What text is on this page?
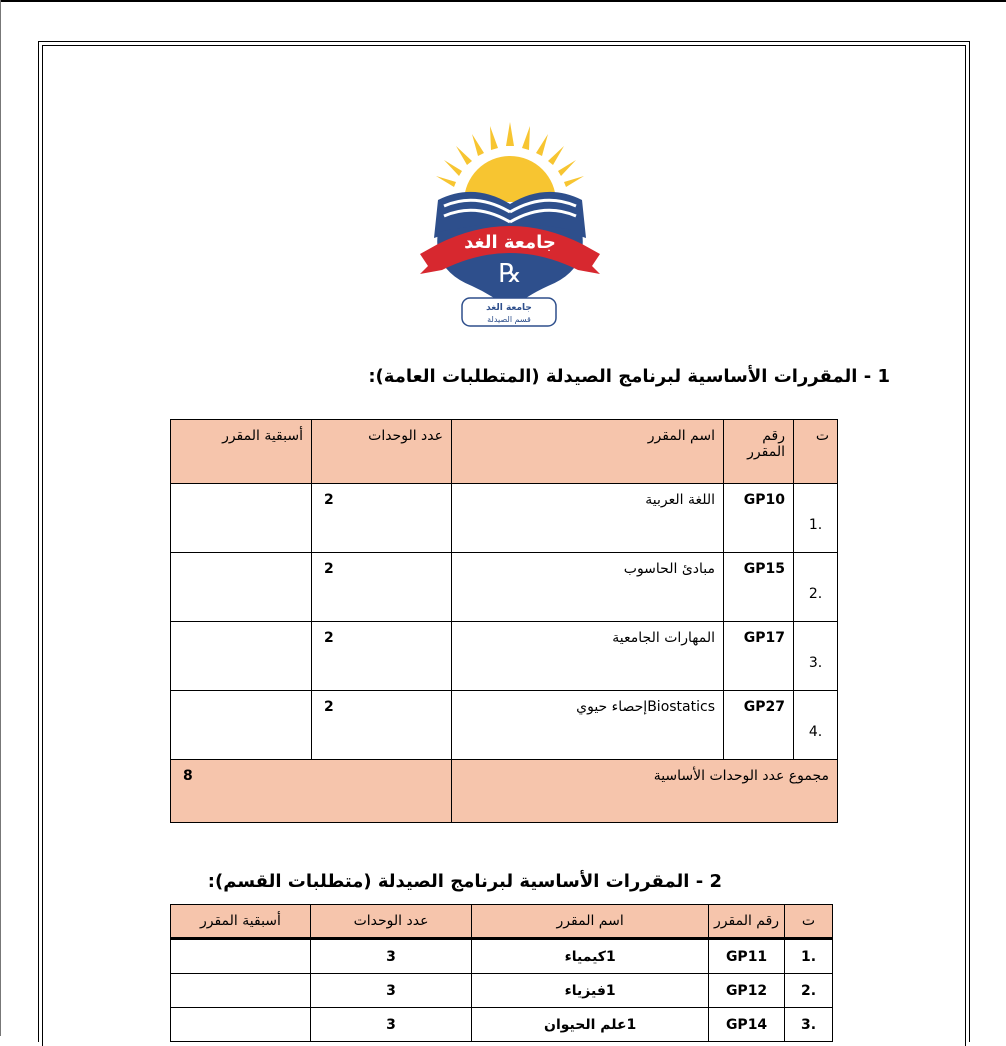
جامعة الغد
℞
جامعة الغد
قسم الصيدلة
1 - المقررات الأساسية لبرنامج الصيدلة (المتطلبات العامة):
ت	رقم المقرر	اسم المقرر	عدد الوحدات	أسبقية المقرر
.1	GP10	اللغة العربية	2	
.2	GP15	مبادئ الحاسوب	2	
.3	GP17	المهارات الجامعية	2	
.4	GP27	Biostaticsإحصاء حيوي	2	
مجموع عدد الوحدات الأساسية			8	
2 - المقررات الأساسية لبرنامج الصيدلة (متطلبات القسم):
ت	رقم المقرر	اسم المقرر	عدد الوحدات	أسبقية المقرر
.1	GP11	1كيمياء	3	
.2	GP12	1فيزياء	3	
.3	GP14	1علم الحيوان	3	
